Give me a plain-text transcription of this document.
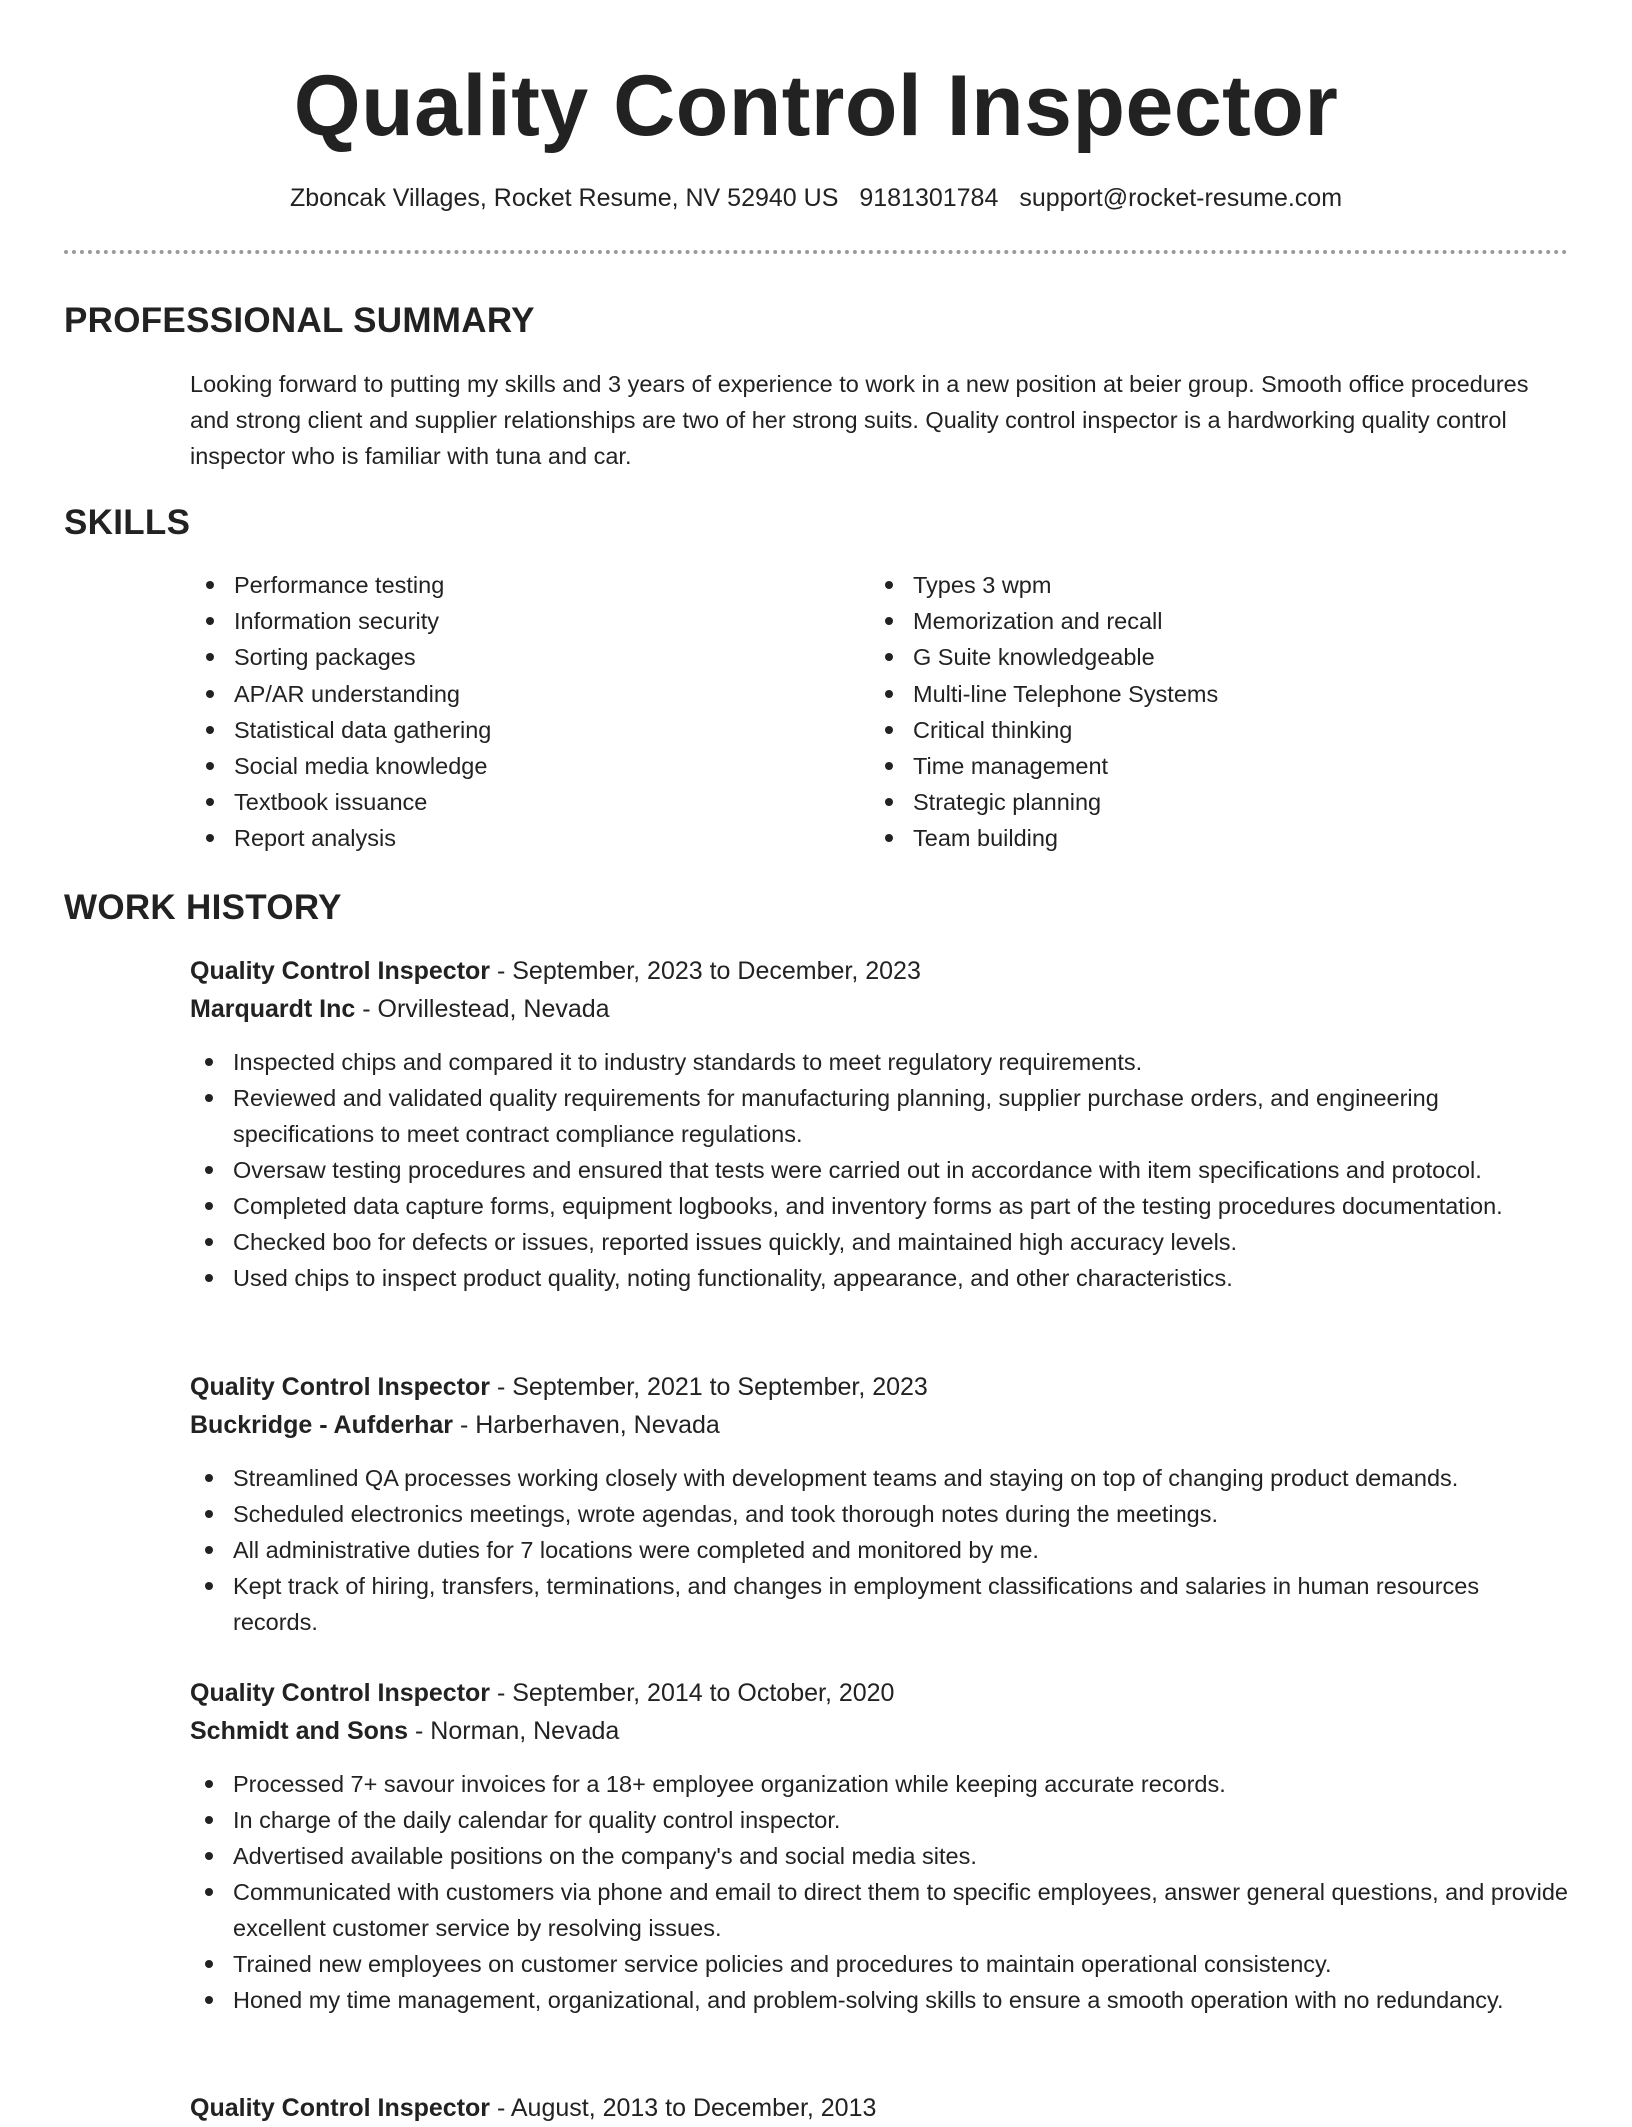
Quality Control Inspector
Zboncak Villages, Rocket Resume, NV 52940 US 9181301784 support@rocket-resume.com
PROFESSIONAL SUMMARY

Looking forward to putting my skills and 3 years of experience to work in a new position at beier group. Smooth office procedures and strong client and supplier relationships are two of her strong suits. Quality control inspector is a hardworking quality control inspector who is familiar with tuna and car.

SKILLS
Performance testing
Information security
Sorting packages
AP/AR understanding
Statistical data gathering
Social media knowledge
Textbook issuance
Report analysis
Types 3 wpm
Memorization and recall
G Suite knowledgeable
Multi-line Telephone Systems
Critical thinking
Time management
Strategic planning
Team building
WORK HISTORY
Quality Control Inspector - September, 2023 to December, 2023
Marquardt Inc - Orvillestead, Nevada
Inspected chips and compared it to industry standards to meet regulatory requirements.
Reviewed and validated quality requirements for manufacturing planning, supplier purchase orders, and engineering specifications to meet contract compliance regulations.
Oversaw testing procedures and ensured that tests were carried out in accordance with item specifications and protocol.
Completed data capture forms, equipment logbooks, and inventory forms as part of the testing procedures documentation.
Checked boo for defects or issues, reported issues quickly, and maintained high accuracy levels.
Used chips to inspect product quality, noting functionality, appearance, and other characteristics.
Quality Control Inspector - September, 2021 to September, 2023
Buckridge - Aufderhar - Harberhaven, Nevada
Streamlined QA processes working closely with development teams and staying on top of changing product demands.
Scheduled electronics meetings, wrote agendas, and took thorough notes during the meetings.
All administrative duties for 7 locations were completed and monitored by me.
Kept track of hiring, transfers, terminations, and changes in employment classifications and salaries in human resources records.
Quality Control Inspector - September, 2014 to October, 2020
Schmidt and Sons - Norman, Nevada
Processed 7+ savour invoices for a 18+ employee organization while keeping accurate records.
In charge of the daily calendar for quality control inspector.
Advertised available positions on the company's and social media sites.
Communicated with customers via phone and email to direct them to specific employees, answer general questions, and provide excellent customer service by resolving issues.
Trained new employees on customer service policies and procedures to maintain operational consistency.
Honed my time management, organizational, and problem-solving skills to ensure a smooth operation with no redundancy.
Quality Control Inspector - August, 2013 to December, 2013
